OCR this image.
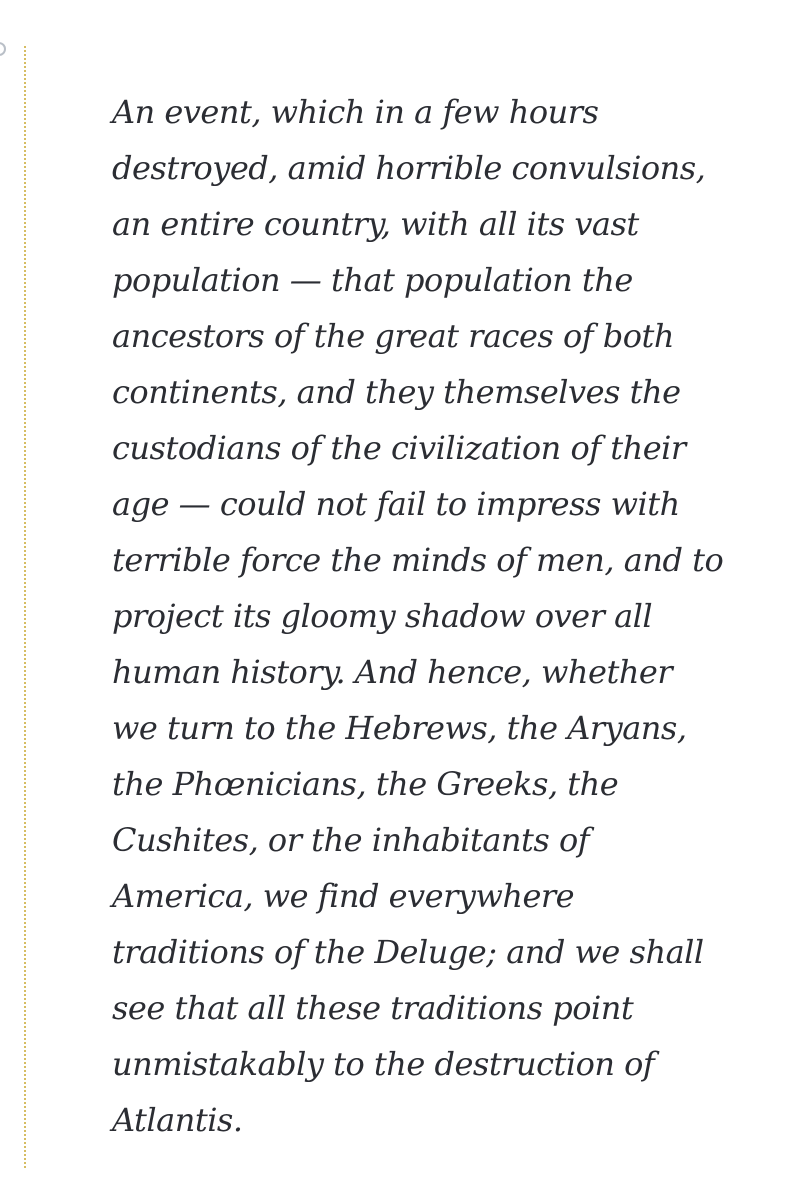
An event, which in a few hours
destroyed, amid horrible convulsions,
an entire country, with all its vast
population — that population the
ancestors of the great races of both
continents, and they themselves the
custodians of the civilization of their
age — could not fail to impress with
terrible force the minds of men, and to
project its gloomy shadow over all
human history. And hence, whether
we turn to the Hebrews, the Aryans,
the Phœnicians, the Greeks, the
Cushites, or the inhabitants of
America, we find everywhere
traditions of the Deluge; and we shall
see that all these traditions point
unmistakably to the destruction of
Atlantis.
